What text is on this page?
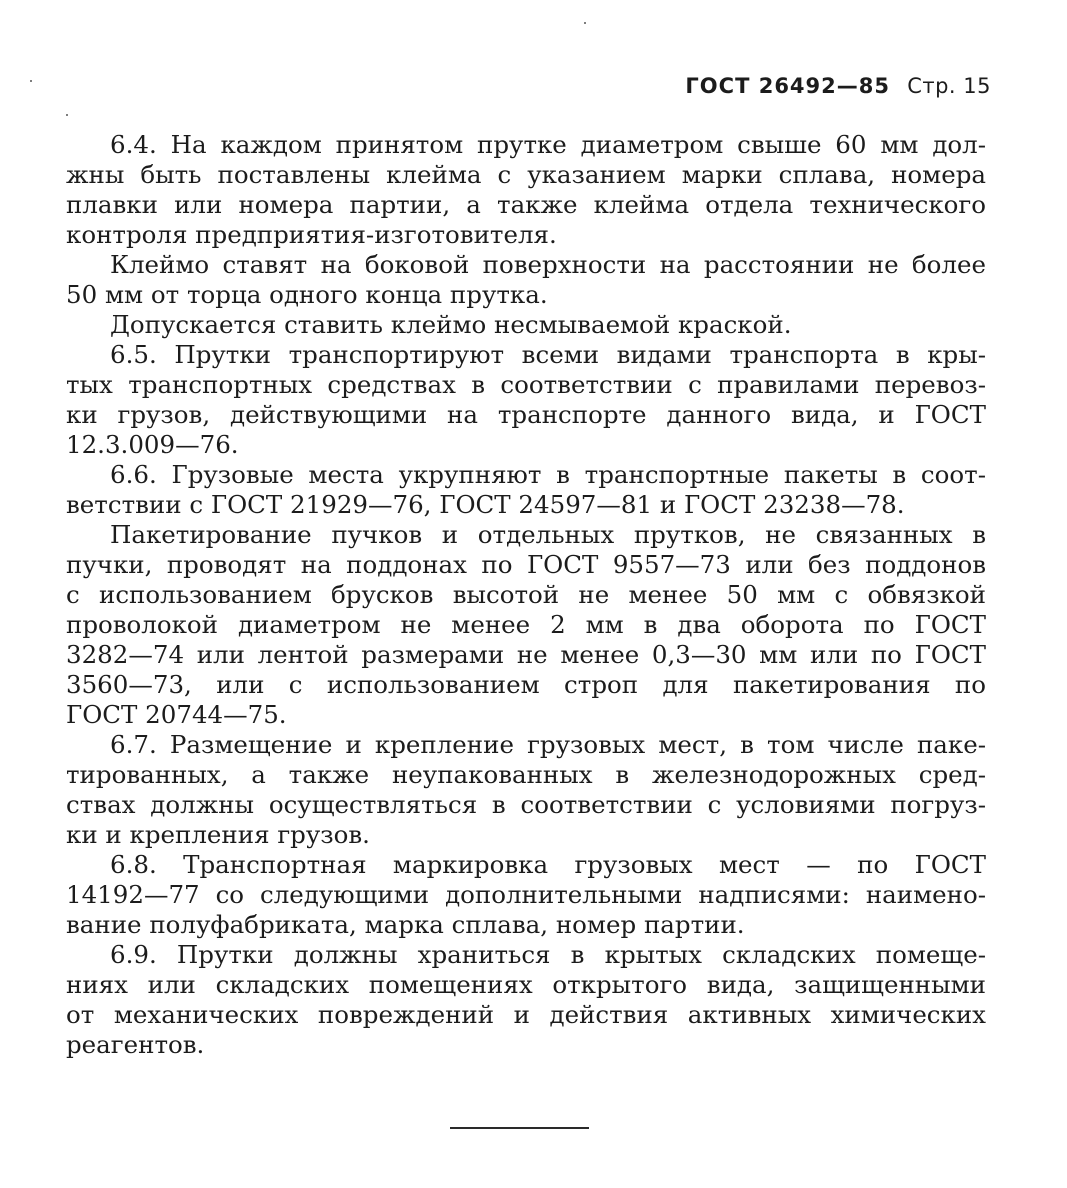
ГОСТ 26492—85 Стр. 15
6.4. На каждом принятом прутке диаметром свыше 60 мм дол-
жны быть поставлены клейма с указанием марки сплава, номера
плавки или номера партии, а также клейма отдела технического
контроля предприятия-изготовителя.
Клеймо ставят на боковой поверхности на расстоянии не более
50 мм от торца одного конца прутка.
Допускается ставить клеймо несмываемой краской.
6.5. Прутки транспортируют всеми видами транспорта в кры-
тых транспортных средствах в соответствии с правилами перевоз-
ки грузов, действующими на транспорте данного вида, и ГОСТ
12.3.009—76.
6.6. Грузовые места укрупняют в транспортные пакеты в соот-
ветствии с ГОСТ 21929—76, ГОСТ 24597—81 и ГОСТ 23238—78.
Пакетирование пучков и отдельных прутков, не связанных в
пучки, проводят на поддонах по ГОСТ 9557—73 или без поддонов
с использованием брусков высотой не менее 50 мм с обвязкой
проволокой диаметром не менее 2 мм в два оборота по ГОСТ
3282—74 или лентой размерами не менее 0,3—30 мм или по ГОСТ
3560—73, или с использованием строп для пакетирования по
ГОСТ 20744—75.
6.7. Размещение и крепление грузовых мест, в том числе паке-
тированных, а также неупакованных в железнодорожных сред-
ствах должны осуществляться в соответствии с условиями погруз-
ки и крепления грузов.
6.8. Транспортная маркировка грузовых мест — по ГОСТ
14192—77 со следующими дополнительными надписями: наимено-
вание полуфабриката, марка сплава, номер партии.
6.9. Прутки должны храниться в крытых складских помеще-
ниях или складских помещениях открытого вида, защищенными
от механических повреждений и действия активных химических
реагентов.
